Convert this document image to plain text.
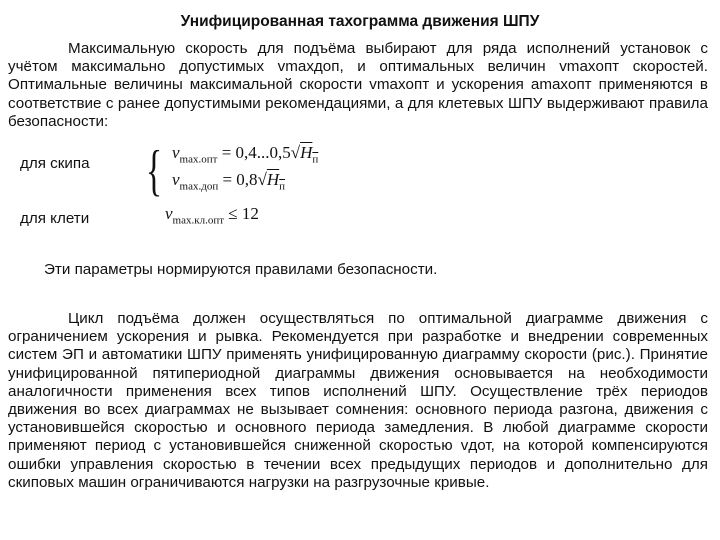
Унифицированная тахограмма движения ШПУ
Максимальную скорость для подъёма выбирают для ряда исполнений установок с учётом максимально допустимых vmaxдоп, и оптимальных величин vmaxопт скоростей. Оптимальные величины максимальной скорости vmaxопт и ускорения amaxопт применяются в соответствие с ранее допустимыми рекомендациями, а для клетевых ШПУ выдерживают правила безопасности:
для скипа { $v_{max.опт} = 0,4...0,5√H_п$
$v_{max.доп} = 0,8√H_п$
для клети	$v_{max.кл.опт} \le 12$
Эти параметры нормируются правилами безопасности.
Цикл подъёма должен осуществляться по оптимальной диаграмме движения с ограничением ускорения и рывка. Рекомендуется при разработке и внедрении современных систем ЭП и автоматики ШПУ применять унифицированную диаграмму скорости (рис.). Принятие унифицированной пятипериодной диаграммы движения основывается на необходимости аналогичности применения всех типов исполнений ШПУ. Осуществление трёх периодов движения во всех диаграммах не вызывает сомнения: основного периода разгона, движения с установившейся скоростью и основного периода замедления. В любой диаграмме скорости применяют период с установившейся сниженной скоростью vдот, на которой компенсируются ошибки управления скоростью в течении всех предыдущих периодов и дополнительно для скиповых машин ограничиваются нагрузки на разгрузочные кривые.
